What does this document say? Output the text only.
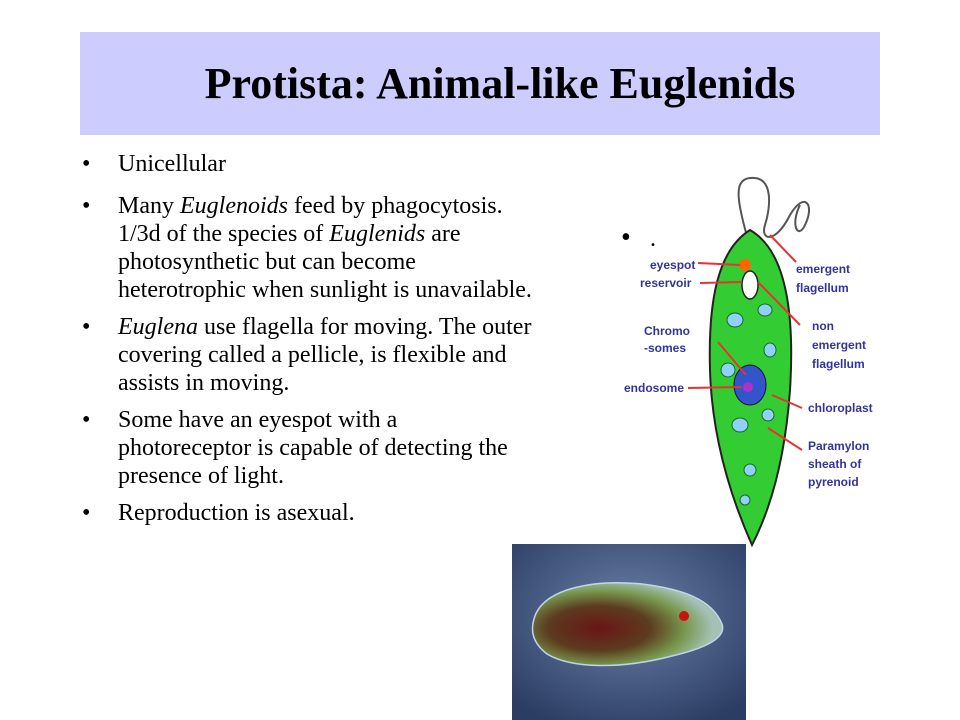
Protista: Animal-like Euglenids
• Unicellular
• Many Euglenoids feed by phagocytosis. 1/3d of the species of Euglenids are photosynthetic but can become heterotrophic when sunlight is unavailable.
• Euglena use flagella for moving. The outer covering called a pellicle, is flexible and assists in moving.
• Some have an eyespot with a photoreceptor is capable of detecting the presence of light.
• Reproduction is asexual.
• .
eyespot
reservoir
Chromo
-somes
endosome
emergent
flagellum
non
emergent
flagellum
chloroplast
Paramylon
sheath of
pyrenoid
